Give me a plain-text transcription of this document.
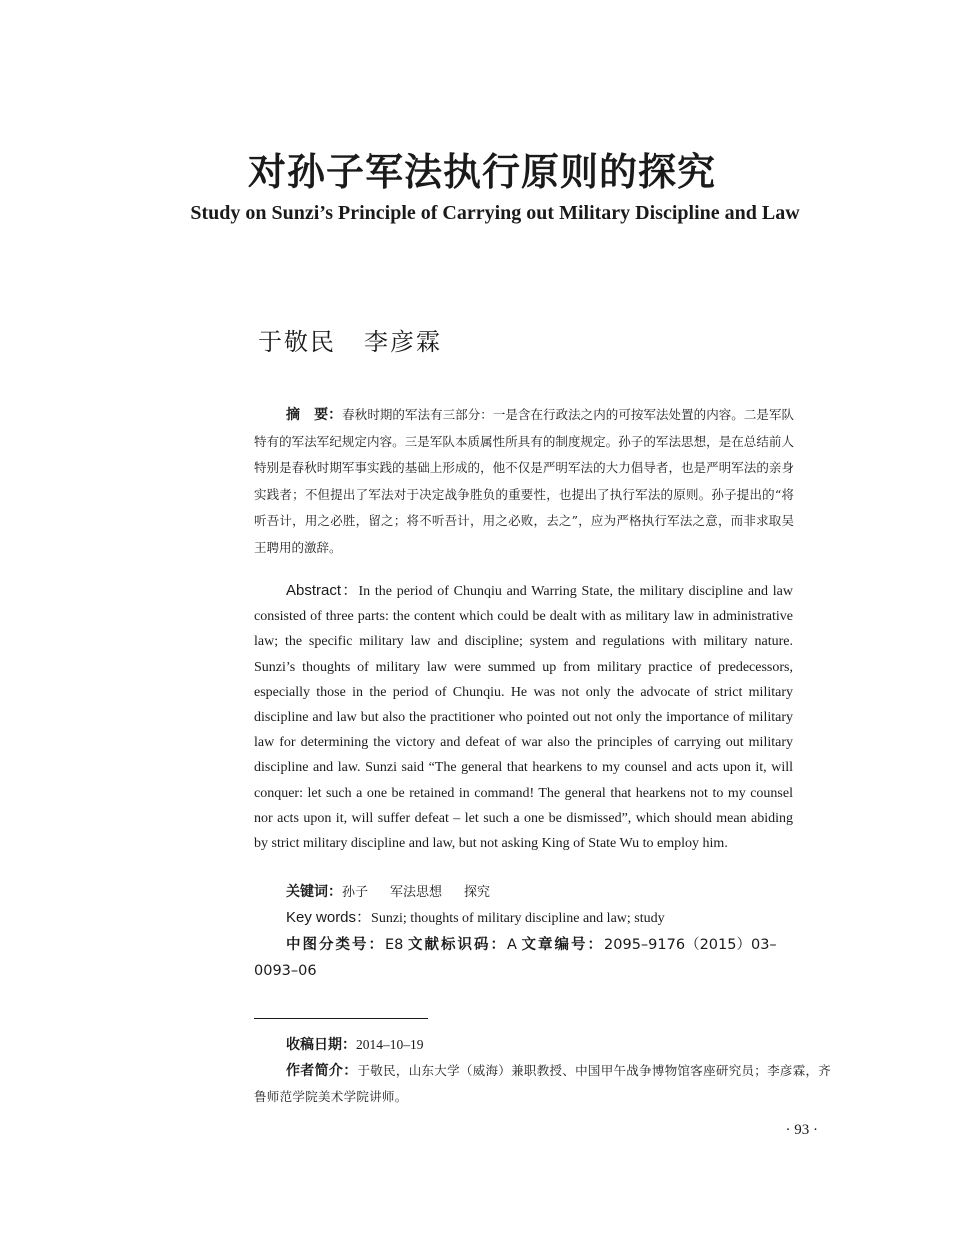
对孙子军法执行原则的探究
Study on Sunzi’s Principle of Carrying out Military Discipline and Law
于敬民 李彦霖

摘　要：春秋时期的军法有三部分：一是含在行政法之内的可按军法处置的内容。二是军队特有的军法军纪规定内容。三是军队本质属性所具有的制度规定。孙子的军法思想，是在总结前人特别是春秋时期军事实践的基础上形成的，他不仅是严明军法的大力倡导者，也是严明军法的亲身实践者；不但提出了军法对于决定战争胜负的重要性，也提出了执行军法的原则。孙子提出的“将听吾计，用之必胜，留之；将不听吾计，用之必败，去之”，应为严格执行军法之意，而非求取吴王聘用的激辞。

Abstract：In the period of Chunqiu and Warring State, the military discipline and law consisted of three parts: the content which could be dealt with as military law in administrative law; the specific military law and discipline; system and regulations with military nature. Sunzi’s thoughts of military law were summed up from military practice of predecessors, especially those in the period of Chunqiu. He was not only the advocate of strict military discipline and law but also the practitioner who pointed out not only the importance of military law for determining the victory and defeat of war also the principles of carrying out military discipline and law. Sunzi said “The general that hearkens to my counsel and acts upon it, will conquer: let such a one be retained in command! The general that hearkens not to my counsel nor acts upon it, will suffer defeat – let such a one be dismissed”, which should mean abiding by strict military discipline and law, but not asking King of State Wu to employ him.

关键词：孙子 军法思想 探究
Key words：Sunzi; thoughts of military discipline and law; study

中图分类号：E8 文献标识码：A 文章编号：2095–9176（2015）03–0093–06

收稿日期：2014–10–19

作者简介：于敬民，山东大学（威海）兼职教授、中国甲午战争博物馆客座研究员；李彦霖，齐鲁师范学院美术学院讲师。

· 93 ·
